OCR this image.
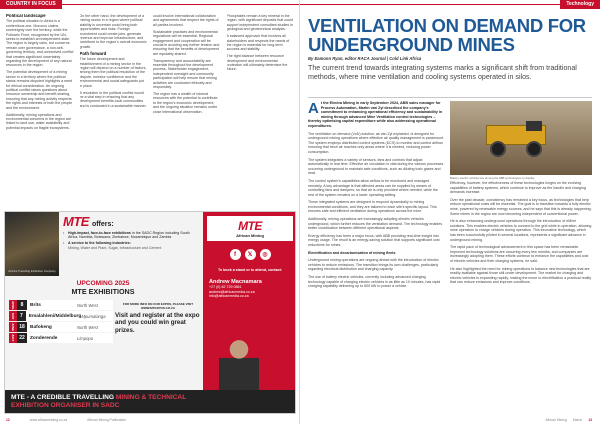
COUNTRY IN FOCUS
Political landscape

The political situation in Africa is a contentious one. Morocco claims sovereignty over the territory, while the Polisario Front, recognised by the UN, seeks to establish an independent state. The region is largely calm, but concerns remain over governance, a non-self-governing territory, and unresolved conflict that creates significant uncertainty regarding the development of any natural resources in the region.

The potential development of a mining sector in a territory where the political status remains disputed highlights a need for ethical consideration. An ongoing political conflict raises questions about resource ownership and benefit-sharing, ensuring that any mining activity respects the rights and interests of both the people and the environment.

Additionally, mining operations and environmental concerns in the region are linked to land use, water availability and potential impacts on fragile ecosystems.

On the other hand, the development of a mining sector in a region where political stability is uncertain could bring both opportunities and risks. Foreign investment could create jobs, generate revenue and improve infrastructure, and contribute to the region's overall economic growth.

Path forward

The future development and establishment of a mining sector in the region will depend on a number of factors, among them the political resolution of the dispute, investor confidence and the environmental and social safeguards put in place.

A resolution to the political conflict would be a vital step in ensuring that any development benefits local communities and is conducted in a sustainable manner.

could involve international collaboration and agreements that respect the rights of all parties involved.

Sustainable practices and environmental regulations will be essential. Regional engagement and cooperation will be crucial in avoiding any further tension and ensuring that the benefits of development are equitably shared.

Transparency and accountability are essential throughout the development process. Stakeholder engagement, independent oversight and community participation will help ensure that mining activities are conducted ethically and responsibly.

The region has a wealth of mineral resources with the potential to contribute to the region's economic development, and the ongoing situation remains under close international observation.

Phosphates remain a key mineral in the region, with significant deposits that could support independent consultant studies in geological and geotechnical analysis.

A balanced approach that involves all stakeholders and respects the needs of the region is essential for long-term success and stability.

The right balance between resource development and environmental protection will ultimately determine the future.

Africa's Travelling Exhibition Company
MTE offers:
• High-impact, face-to-face exhibitions in the SADC Region including South Africa, Namibia, Botswana, Zimbabwe, Mozambique and Zambia
• A service to the following industries:
Mining, Water and Plant, Sugar, Infrastructure and Cement
UPCOMING 2025
MTE EXHIBITIONS
APRIL	8	Brits	North West
MAY	7	Emalahleni/Middelburg Mpumalanga
JUNE 18	Bafokeng	North West
JULY 22	Zonderende	Limpopo
FOR MORE INFO ON OUR EXPOS, PLEASE VISIT WWW.MTEXPOS.CO.ZA
Visit and register at the expo and you could win great prizes.
MTE
African Mining
f	𝕏	◎
To book a stand or to attend, contact:
Andrew Macnamara
+27 (0) 82 729 0861
andrew@africanmedia.co.za
info@africanmedia.co.za
MTE - A CREDIBLE TRAVELLING MINING & TECHNICAL
EXHIBITION ORGANISER IN SADC
12	www.africanmining.co.za	African Mining Publication
Technology
VENTILATION ON DEMAND FOR UNDERGROUND MINES
By Eamonn Ryan, editor RACA Journal | Cold Link Africa
The current trend towards integrating systems marks a significant shift from traditional methods, where mine ventilation and cooling systems operated in silos.

At the Electra Mining in early September 2024, ABB sales manager for Process Automation, Martin van Zyl described the company's commitment to enhancing operational efficiency and sustainability in mining through advanced Mine Ventilation control technologies – thereby optimising capital expenditure while also addressing operational expenditures.

The ventilation on demand (VoD) solution, as van Zyl explained, is designed for underground mining operations where effective air quality management is paramount. The system employs distributed control systems (DCS) to monitor and control airflow, ensuring that fresh air reaches only areas where it is needed, reducing power consumption.

The system integrates a variety of sensors, fans and controls that adjust automatically in real time. Effective air circulation is vital during the various processes occurring underground to maintain safe conditions, such as diluting toxic gases and heat.

The control system's capabilities allow airflow to be monitored and managed remotely. A key advantage is that affected areas can be supplied by means of controlling fans and dampers, so that air is only provided where needed, while the rest of the system remains on a lower operating setting.

These integrated systems are designed to respond dynamically to mining environmental conditions, and they are tailored to each site's specific layout. This ensures safe and efficient ventilation during operations across the mine.

Additionally, mining operations are increasingly adopting electric vehicles underground, which further reduces the ventilation demand. The technology enables better coordination between different operational aspects.

Energy efficiency has been a major focus, with ABB providing real-time insight into energy usage. The result is an energy-saving solution that supports significant cost reductions for mines.

Electrification and decarbonisation of mining fleets

Underground mining operations are ongoing ahead with the introduction of electric vehicles to reduce emissions. The transition brings its own challenges, particularly regarding electrical distribution and charging capacity.

The use of battery electric vehicles, currently including advanced charging technology capable of charging electric vehicles in as little as 10 minutes, has rapid charging capability delivering up to 600 kW to power a vehicle.

Battery electric vehicles are among the ABB technologies on display.

Efficiency, however, the effectiveness of these technologies hinges on the evolving capabilities of battery systems, which continue to improve as the handle and charging demands increase.

Over the past decade, consistency has remained a key focus, as technologies that help reduce operational costs will be essential. The goal is to transition towards a fully electric mine, powered by renewable energy sources, and he says that this is already happening. Some mines in the region are now becoming independent of conventional power.

He is also enhancing underground operations through the introduction of eMine solutions. This enables electric vehicles to connect to the grid while in operation, allowing mine operators to charge vehicles during operation. This innovative technology, which has been successfully piloted in several locations, represents a significant advance in underground mining.

The rapid pace of technological advancement in this space has been remarkable. Improved technology solutions are occurring every few months, and companies are increasingly adopting them. These efforts continue to enhance the capabilities and cost of electric vehicles and their charging systems, he said.

He also highlighted the need for mining operations to balance new technologies that are readily available against those still under development. The market for charging and electric vehicles is expanding rapidly, making the move to electrification a practical reality that can reduce emissions and improve conditions.

African Mining March 13
